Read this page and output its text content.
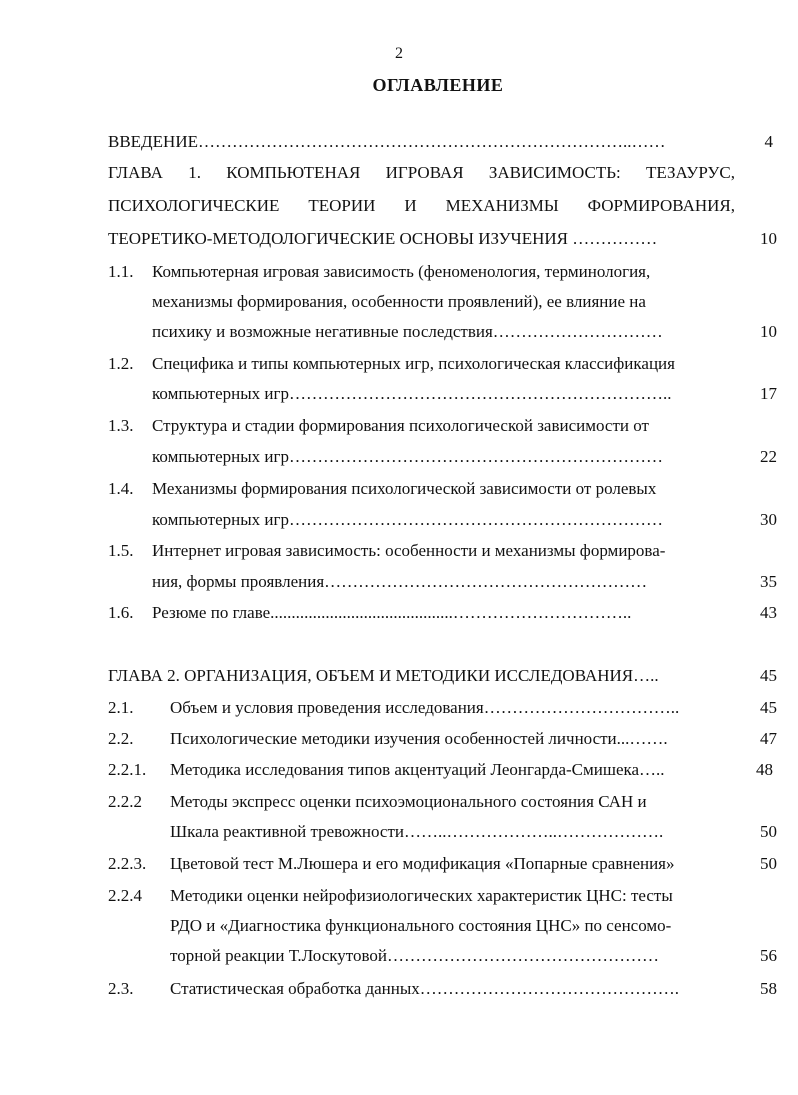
2
ОГЛАВЛЕНИЕ
ВВЕДЕНИЕ…………………………………………………………………..……	4
ГЛАВА 1. КОМПЬЮТЕНАЯ ИГРОВАЯ ЗАВИСИМОСТЬ: ТЕЗАУРУС,
ПСИХОЛОГИЧЕСКИЕ ТЕОРИИ И МЕХАНИЗМЫ ФОРМИРОВАНИЯ,
ТЕОРЕТИКО-МЕТОДОЛОГИЧЕСКИЕ ОСНОВЫ ИЗУЧЕНИЯ ……………	10
1.1. Компьютерная игровая зависимость (феноменология, терминология,
механизмы формирования, особенности проявлений), ее влияние на
психику и возможные негативные последствия…………………………	10
1.2. Специфика и типы компьютерных игр, психологическая классификация
компьютерных игр…………………………………………………………..	17
1.3. Структура и стадии формирования психологической зависимости от
компьютерных игр…………………………………………………………	22
1.4. Механизмы формирования психологической зависимости от ролевых
компьютерных игр…………………………………………………………	30
1.5. Интернет игровая зависимость: особенности и механизмы формирова-
ния, формы проявления…………………………………………………	35
1.6. Резюме по главе...........................................…………………………..	43
ГЛАВА 2. ОРГАНИЗАЦИЯ, ОБЪЕМ И МЕТОДИКИ ИССЛЕДОВАНИЯ…..	45
2.1. Объем и условия проведения исследования……………………………..	45
2.2. Психологические методики изучения особенностей личности...…….	47
2.2.1. Методика исследования типов акцентуаций Леонгарда-Смишека…..	48
2.2.2 Методы экспресс оценки психоэмоционального состояния САН и
Шкала реактивной тревожности……..………………..……………….	50
2.2.3. Цветовой тест М.Люшера и его модификация «Попарные сравнения»	50
2.2.4 Методики оценки нейрофизиологических характеристик ЦНС: тесты
РДО и «Диагностика функционального состояния ЦНС» по сенсомо-
торной реакции Т.Лоскутовой…………………………………………	56
2.3. Статистическая обработка данных……………………………………….	58
